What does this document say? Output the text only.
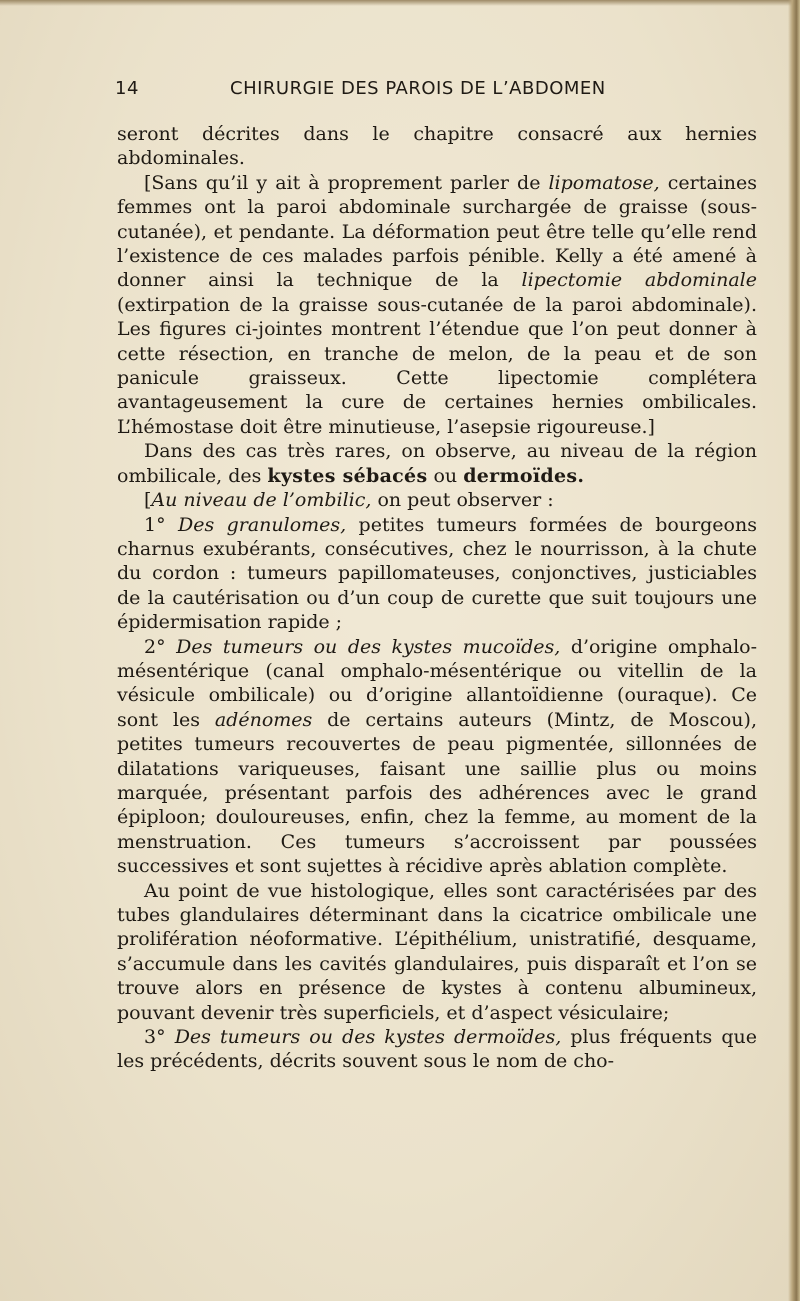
14	CHIRURGIE DES PAROIS DE L’ABDOMEN

seront décrites dans le chapitre consacré aux hernies abdominales.

[Sans qu’il y ait à proprement parler de lipomatose, certaines femmes ont la paroi abdominale surchargée de graisse (sous-cutanée), et pendante. La déformation peut être telle qu’elle rend l’existence de ces malades parfois pénible. Kelly a été amené à donner ainsi la technique de la lipectomie abdominale (extirpation de la graisse sous-cutanée de la paroi abdominale). Les figures ci-jointes montrent l’étendue que l’on peut donner à cette résection, en tranche de melon, de la peau et de son panicule graisseux. Cette lipectomie complétera avantageusement la cure de certaines hernies ombilicales. L’hémostase doit être minutieuse, l’asepsie rigoureuse.]

Dans des cas très rares, on observe, au niveau de la région ombilicale, des kystes sébacés ou dermoïdes.

[Au niveau de l’ombilic, on peut observer :

1° Des granulomes, petites tumeurs formées de bourgeons charnus exubérants, consécutives, chez le nourrisson, à la chute du cordon : tumeurs papillomateuses, conjonctives, justiciables de la cautérisation ou d’un coup de curette que suit toujours une épidermisation rapide ;

2° Des tumeurs ou des kystes mucoïdes, d’origine omphalo-mésentérique (canal omphalo-mésentérique ou vitellin de la vésicule ombilicale) ou d’origine allantoïdienne (ouraque). Ce sont les adénomes de certains auteurs (Mintz, de Moscou), petites tumeurs recouvertes de peau pigmentée, sillonnées de dilatations variqueuses, faisant une saillie plus ou moins marquée, présentant parfois des adhérences avec le grand épiploon; douloureuses, enfin, chez la femme, au moment de la menstruation. Ces tumeurs s’accroissent par poussées successives et sont sujettes à récidive après ablation complète.

Au point de vue histologique, elles sont caractérisées par des tubes glandulaires déterminant dans la cicatrice ombilicale une prolifération néoformative. L’épithélium, unistratifié, desquame, s’accumule dans les cavités glandulaires, puis disparaît et l’on se trouve alors en présence de kystes à contenu albumineux, pouvant devenir très superficiels, et d’aspect vésiculaire;

3° Des tumeurs ou des kystes dermoïdes, plus fréquents que les précédents, décrits souvent sous le nom de cho-
